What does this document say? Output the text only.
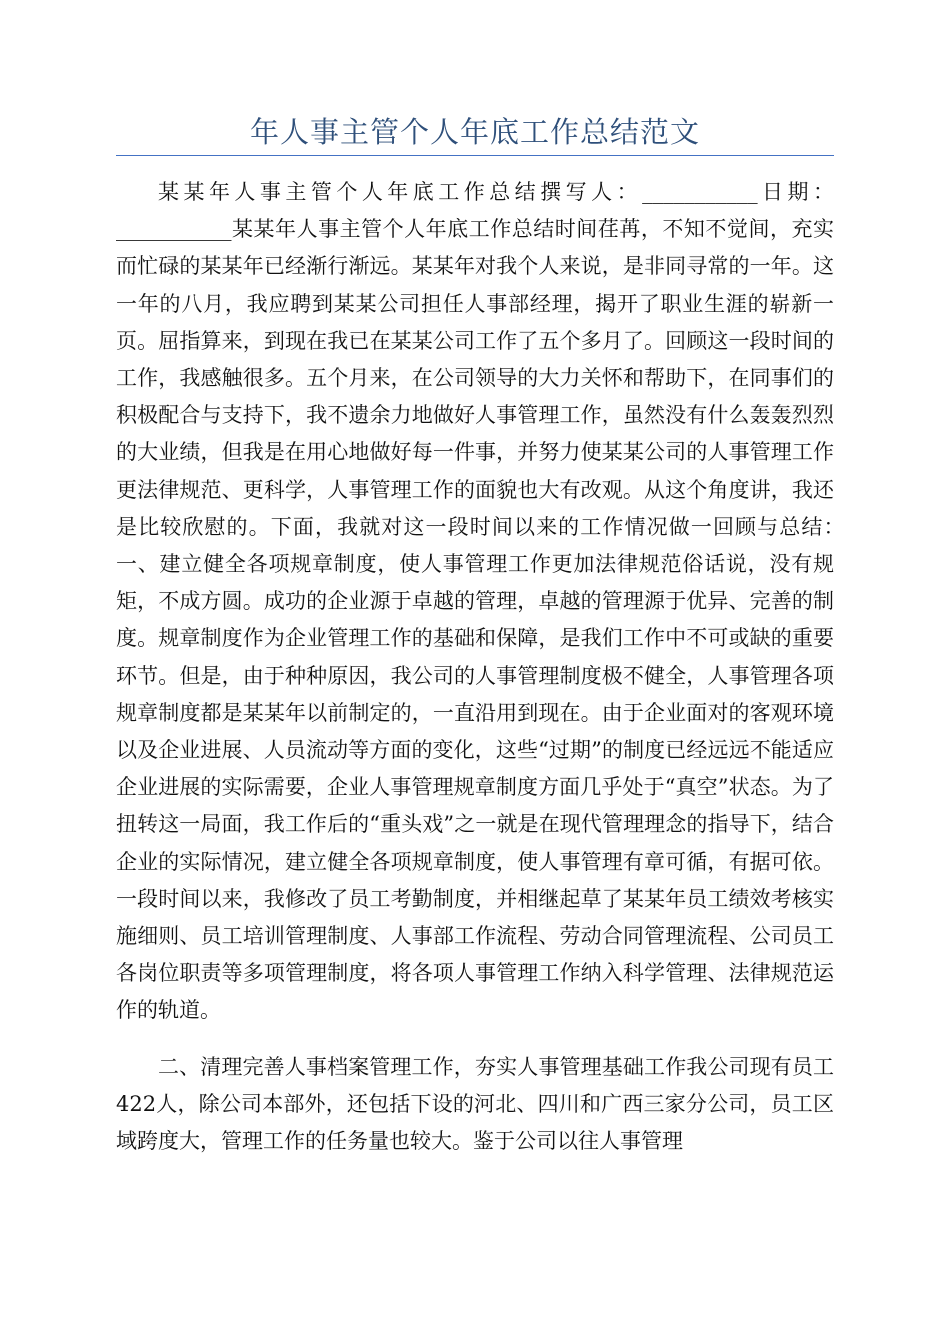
年人事主管个人年底工作总结范文

某某年人事主管个人年底工作总结撰写人：___________日期：___________某某年人事主管个人年底工作总结时间荏苒，不知不觉间，充实而忙碌的某某年已经渐行渐远。某某年对我个人来说，是非同寻常的一年。这一年的八月，我应聘到某某公司担任人事部经理，揭开了职业生涯的崭新一页。屈指算来，到现在我已在某某公司工作了五个多月了。回顾这一段时间的工作，我感触很多。五个月来，在公司领导的大力关怀和帮助下，在同事们的积极配合与支持下，我不遗余力地做好人事管理工作，虽然没有什么轰轰烈烈的大业绩，但我是在用心地做好每一件事，并努力使某某公司的人事管理工作更法律规范、更科学，人事管理工作的面貌也大有改观。从这个角度讲，我还是比较欣慰的。下面，我就对这一段时间以来的工作情况做一回顾与总结：　一、建立健全各项规章制度，使人事管理工作更加法律规范俗话说，没有规矩，不成方圆。成功的企业源于卓越的管理，卓越的管理源于优异、完善的制度。规章制度作为企业管理工作的基础和保障，是我们工作中不可或缺的重要环节。但是，由于种种原因，我公司的人事管理制度极不健全，人事管理各项规章制度都是某某年以前制定的，一直沿用到现在。由于企业面对的客观环境以及企业进展、人员流动等方面的变化，这些“过期”的制度已经远远不能适应企业进展的实际需要，企业人事管理规章制度方面几乎处于“真空”状态。为了扭转这一局面，我工作后的“重头戏”之一就是在现代管理理念的指导下，结合企业的实际情况，建立健全各项规章制度，使人事管理有章可循，有据可依。一段时间以来，我修改了员工考勤制度，并相继起草了某某年员工绩效考核实施细则、员工培训管理制度、人事部工作流程、劳动合同管理流程、公司员工各岗位职责等多项管理制度，将各项人事管理工作纳入科学管理、法律规范运作的轨道。

二、清理完善人事档案管理工作，夯实人事管理基础工作我公司现有员工422人，除公司本部外，还包括下设的河北、四川和广西三家分公司，员工区域跨度大，管理工作的任务量也较大。鉴于公司以往人事管理
